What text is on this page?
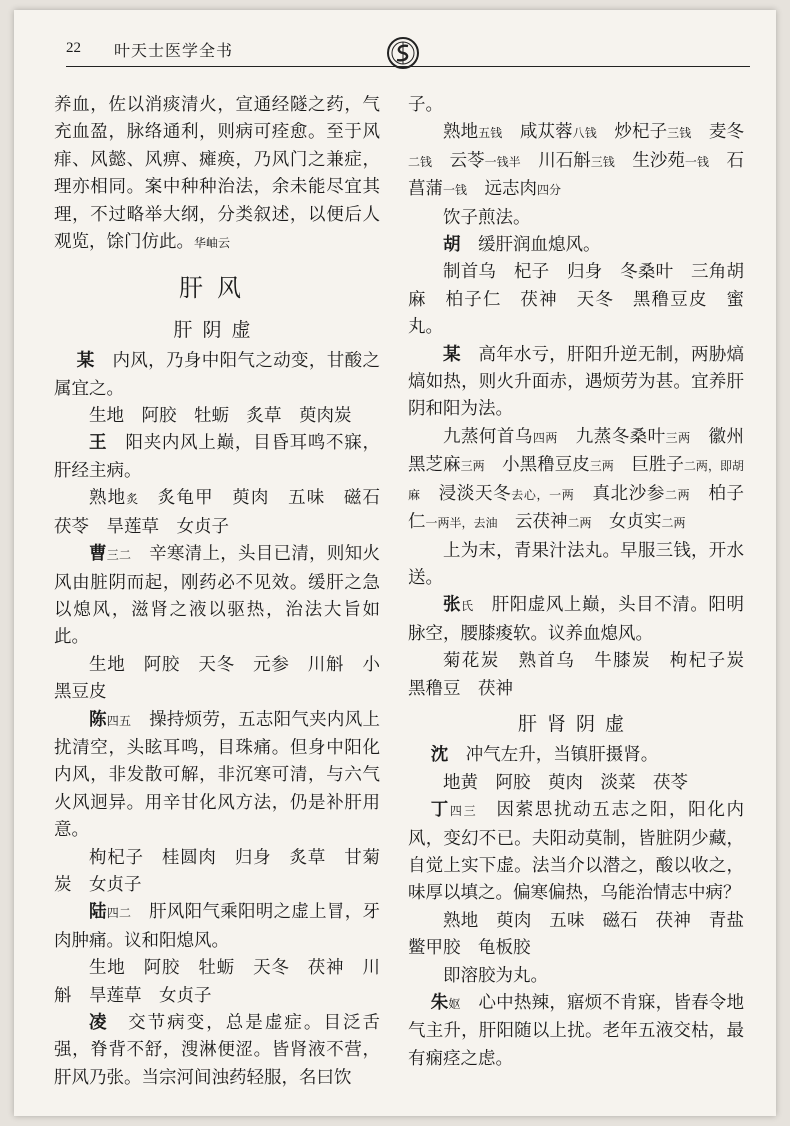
22 叶天士医学全书

养血，佐以消痰清火，宣通经隧之药，气充血盈，脉络通利，则病可痊愈。至于风痱、风懿、风痹、瘫痪，乃风门之兼症，理亦相同。案中种种治法，余未能尽宜其理，不过略举大纲，分类叙述，以便后人观览，馀门仿此。华岫云

肝风

肝阴虚

某　 内风，乃身中阳气之动变，甘酸之属宜之。

生地　阿胶　牡蛎　炙草　萸肉炭

王　 阳夹内风上巅，目昏耳鸣不寐，肝经主病。

熟地炙　炙龟甲　萸肉　五味　磁石　茯苓　旱莲草　女贞子

曹三二　 辛寒清上，头目已清，则知火风由脏阴而起，刚药必不见效。缓肝之急以熄风，滋肾之液以驱热，治法大旨如此。

生地　阿胶　天冬　元参　川斛　小黑豆皮

陈四五　 操持烦劳，五志阳气夹内风上扰清空，头眩耳鸣，目珠痛。但身中阳化内风，非发散可解，非沉寒可清，与六气火风迥异。用辛甘化风方法，仍是补肝用意。

枸杞子　桂圆肉　归身　炙草　甘菊炭　女贞子

陆四二　 肝风阳气乘阳明之虚上冒，牙肉肿痛。议和阳熄风。

生地　阿胶　牡蛎　天冬　茯神　川斛　旱莲草　女贞子

凌　 交节病变，总是虚症。目泛舌强，脊背不舒，溲淋便涩。皆肾液不营，肝风乃张。当宗河间浊药轻服，名曰饮

子。

熟地五钱　咸苁蓉八钱　炒杞子三钱　麦冬二钱　云苓一钱半　川石斛三钱　生沙苑一钱　石菖蒲一钱　远志肉四分

饮子煎法。

胡　 缓肝润血熄风。

制首乌　杞子　归身　冬桑叶　三角胡麻　柏子仁　茯神　天冬　黑穞豆皮　蜜丸。

某　 高年水亏，肝阳升逆无制，两胁熇熇如热，则火升面赤，遇烦劳为甚。宜养肝阴和阳为法。

九蒸何首乌四两　九蒸冬桑叶三两　徽州黑芝麻三两　小黑穞豆皮三两　巨胜子二两，即胡麻　浸淡天冬去心，一两　真北沙参二两　柏子仁一两半，去油　云茯神二两　女贞实二两

上为末，青果汁法丸。早服三钱，开水送。

张氏　 肝阳虚风上巅，头目不清。阳明脉空，腰膝痠软。议养血熄风。

菊花炭　熟首乌　牛膝炭　枸杞子炭　黑穞豆　茯神

肝肾阴虚

沈　 冲气左升，当镇肝摄肾。

地黄　阿胶　萸肉　淡菜　茯苓

丁四三　 因萦思扰动五志之阳，阳化内风，变幻不已。夫阳动莫制，皆脏阴少藏，自觉上实下虚。法当介以潜之，酸以收之，味厚以填之。偏寒偏热，乌能治情志中病？

熟地　萸肉　五味　磁石　茯神　青盐　鳖甲胶　龟板胶

即溶胶为丸。

朱妪　 心中热辣，寤烦不肯寐，皆春令地气主升，肝阳随以上扰。老年五液交枯，最有痫痉之虑。
